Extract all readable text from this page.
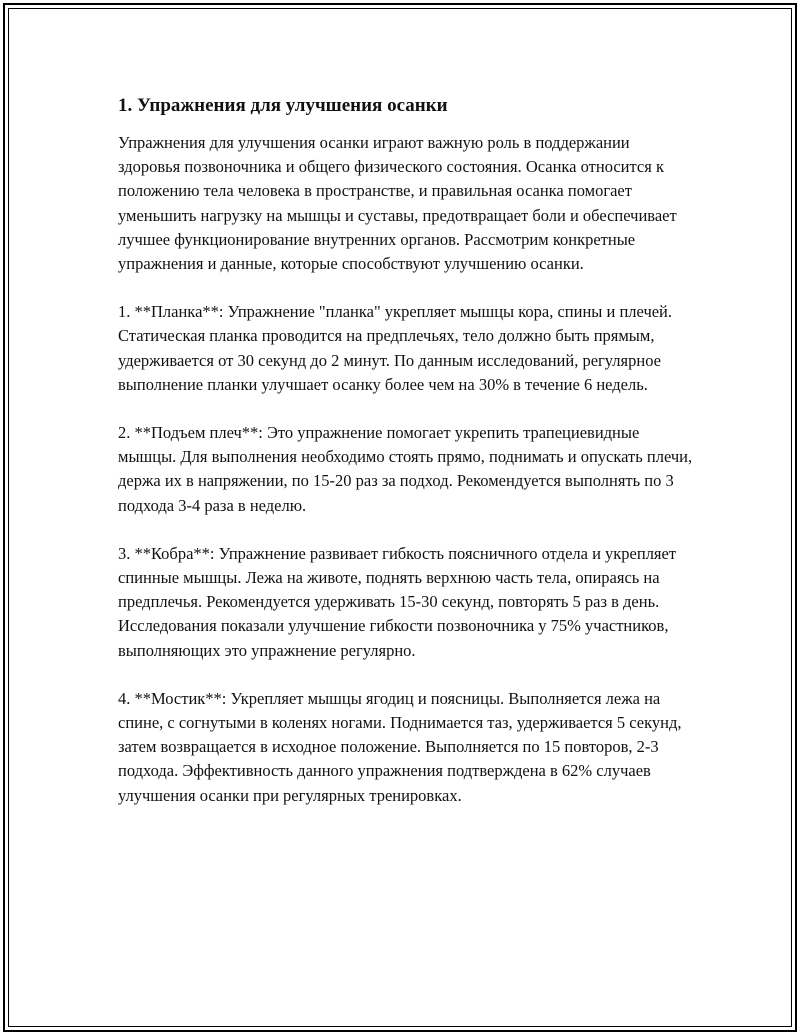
1. Упражнения для улучшения осанки

Упражнения для улучшения осанки играют важную роль в поддержании здоровья позвоночника и общего физического состояния. Осанка относится к положению тела человека в пространстве, и правильная осанка помогает уменьшить нагрузку на мышцы и суставы, предотвращает боли и обеспечивает лучшее функционирование внутренних органов. Рассмотрим конкретные упражнения и данные, которые способствуют улучшению осанки.

1. **Планка**: Упражнение "планка" укрепляет мышцы кора, спины и плечей. Статическая планка проводится на предплечьях, тело должно быть прямым, удерживается от 30 секунд до 2 минут. По данным исследований, регулярное выполнение планки улучшает осанку более чем на 30% в течение 6 недель.

2. **Подъем плеч**: Это упражнение помогает укрепить трапециевидные мышцы. Для выполнения необходимо стоять прямо, поднимать и опускать плечи, держа их в напряжении, по 15-20 раз за подход. Рекомендуется выполнять по 3 подхода 3-4 раза в неделю.

3. **Кобра**: Упражнение развивает гибкость поясничного отдела и укрепляет спинные мышцы. Лежа на животе, поднять верхнюю часть тела, опираясь на предплечья. Рекомендуется удерживать 15-30 секунд, повторять 5 раз в день. Исследования показали улучшение гибкости позвоночника у 75% участников, выполняющих это упражнение регулярно.

4. **Мостик**: Укрепляет мышцы ягодиц и поясницы. Выполняется лежа на спине, с согнутыми в коленях ногами. Поднимается таз, удерживается 5 секунд, затем возвращается в исходное положение. Выполняется по 15 повторов, 2-3 подхода. Эффективность данного упражнения подтверждена в 62% случаев улучшения осанки при регулярных тренировках.
